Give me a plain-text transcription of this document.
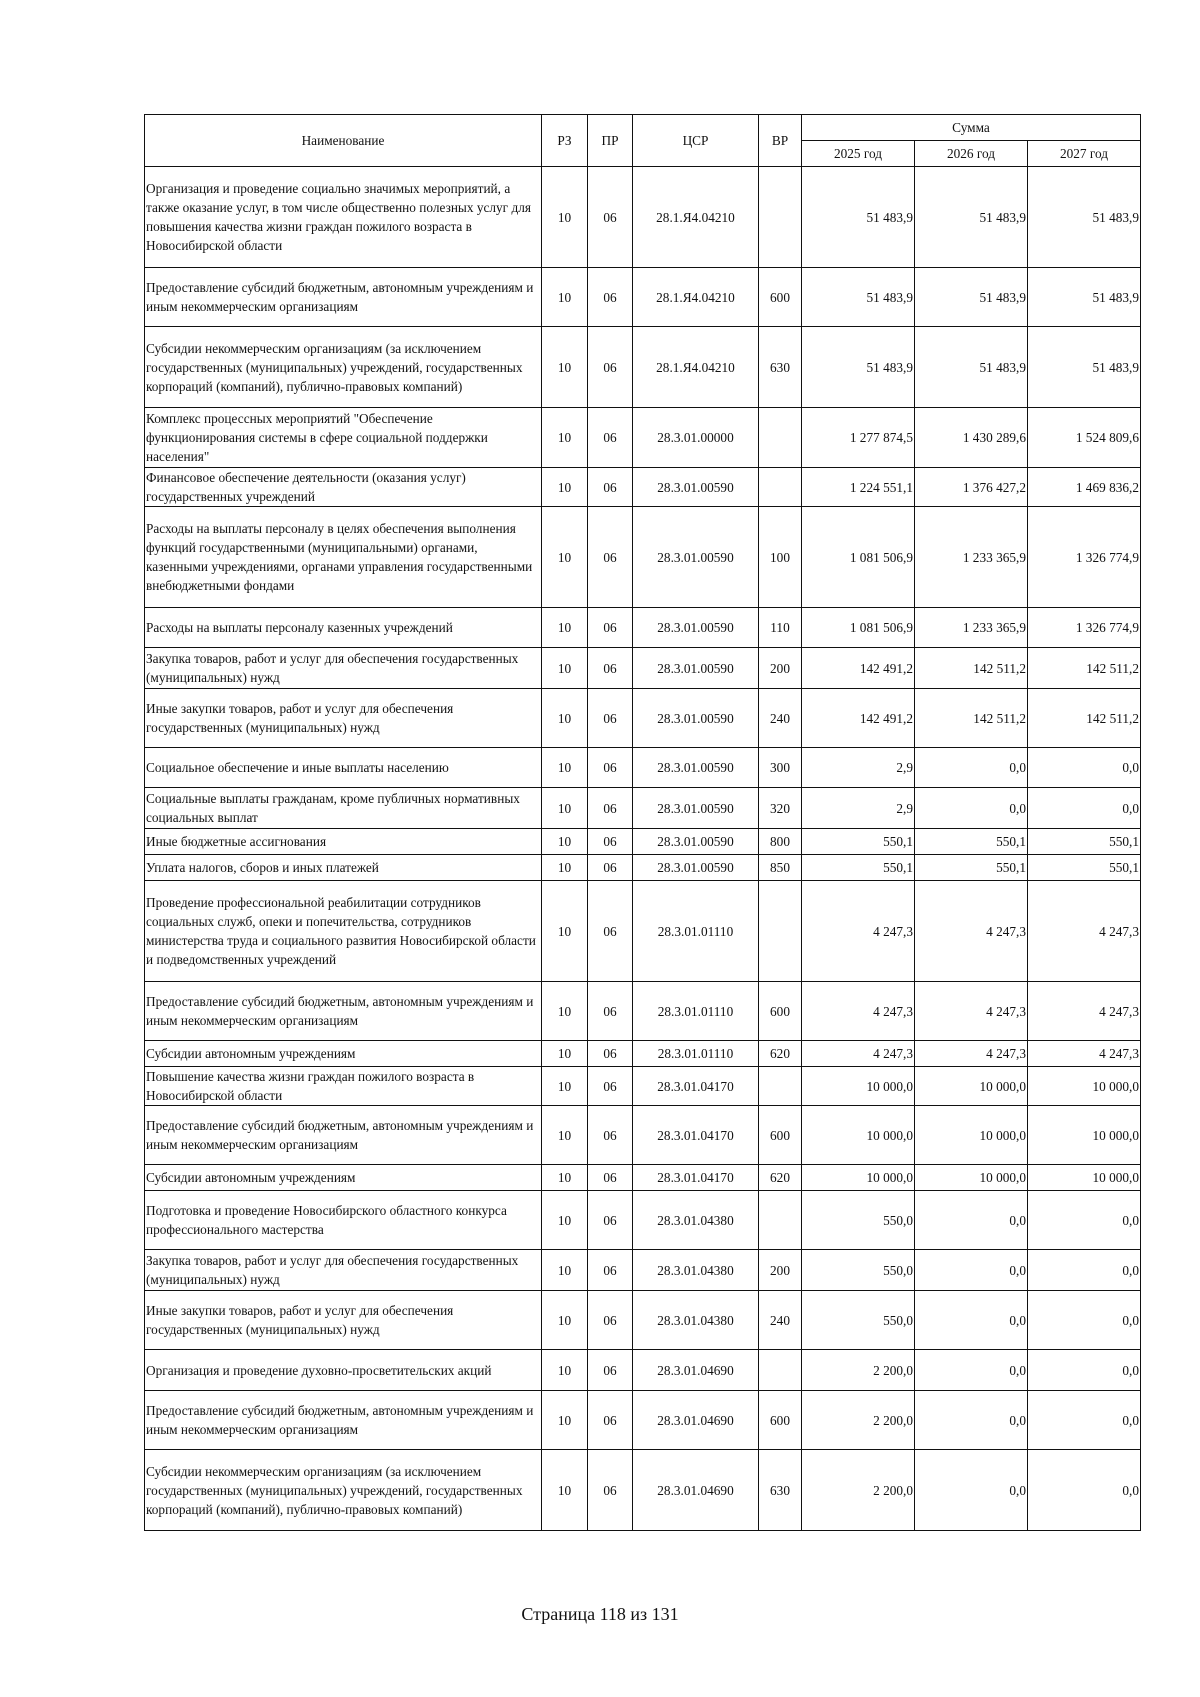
Наименование	РЗ	ПР	ЦСР	ВР	Сумма		
					2025 год	2026 год	2027 год
Организация и проведение социально значимых мероприятий, а также оказание услуг, в том числе общественно полезных услуг для повышения качества жизни граждан пожилого возраста в Новосибирской области	10	06	28.1.Я4.04210		51 483,9	51 483,9	51 483,9
Предоставление субсидий бюджетным, автономным учреждениям и иным некоммерческим организациям	10	06	28.1.Я4.04210	600	51 483,9	51 483,9	51 483,9
Субсидии некоммерческим организациям (за исключением государственных (муниципальных) учреждений, государственных корпораций (компаний), публично-правовых компаний)	10	06	28.1.Я4.04210	630	51 483,9	51 483,9	51 483,9
Комплекс процессных мероприятий "Обеспечение функционирования системы в сфере социальной поддержки населения"	10	06	28.3.01.00000		1 277 874,5	1 430 289,6	1 524 809,6
Финансовое обеспечение деятельности (оказания услуг) государственных учреждений	10	06	28.3.01.00590		1 224 551,1	1 376 427,2	1 469 836,2
Расходы на выплаты персоналу в целях обеспечения выполнения функций государственными (муниципальными) органами, казенными учреждениями, органами управления государственными внебюджетными фондами	10	06	28.3.01.00590	100	1 081 506,9	1 233 365,9	1 326 774,9
Расходы на выплаты персоналу казенных учреждений	10	06	28.3.01.00590	110	1 081 506,9	1 233 365,9	1 326 774,9
Закупка товаров, работ и услуг для обеспечения государственных (муниципальных) нужд	10	06	28.3.01.00590	200	142 491,2	142 511,2	142 511,2
Иные закупки товаров, работ и услуг для обеспечения государственных (муниципальных) нужд	10	06	28.3.01.00590	240	142 491,2	142 511,2	142 511,2
Социальное обеспечение и иные выплаты населению	10	06	28.3.01.00590	300	2,9	0,0	0,0
Социальные выплаты гражданам, кроме публичных нормативных социальных выплат	10	06	28.3.01.00590	320	2,9	0,0	0,0
Иные бюджетные ассигнования	10	06	28.3.01.00590	800	550,1	550,1	550,1
Уплата налогов, сборов и иных платежей	10	06	28.3.01.00590	850	550,1	550,1	550,1
Проведение профессиональной реабилитации сотрудников социальных служб, опеки и попечительства, сотрудников министерства труда и социального развития Новосибирской области и подведомственных учреждений	10	06	28.3.01.01110		4 247,3	4 247,3	4 247,3
Предоставление субсидий бюджетным, автономным учреждениям и иным некоммерческим организациям	10	06	28.3.01.01110	600	4 247,3	4 247,3	4 247,3
Субсидии автономным учреждениям	10	06	28.3.01.01110	620	4 247,3	4 247,3	4 247,3
Повышение качества жизни граждан пожилого возраста в Новосибирской области	10	06	28.3.01.04170		10 000,0	10 000,0	10 000,0
Предоставление субсидий бюджетным, автономным учреждениям и иным некоммерческим организациям	10	06	28.3.01.04170	600	10 000,0	10 000,0	10 000,0
Субсидии автономным учреждениям	10	06	28.3.01.04170	620	10 000,0	10 000,0	10 000,0
Подготовка и проведение Новосибирского областного конкурса профессионального мастерства	10	06	28.3.01.04380		550,0	0,0	0,0
Закупка товаров, работ и услуг для обеспечения государственных (муниципальных) нужд	10	06	28.3.01.04380	200	550,0	0,0	0,0
Иные закупки товаров, работ и услуг для обеспечения государственных (муниципальных) нужд	10	06	28.3.01.04380	240	550,0	0,0	0,0
Организация и проведение духовно-просветительских акций	10	06	28.3.01.04690		2 200,0	0,0	0,0
Предоставление субсидий бюджетным, автономным учреждениям и иным некоммерческим организациям	10	06	28.3.01.04690	600	2 200,0	0,0	0,0
Субсидии некоммерческим организациям (за исключением государственных (муниципальных) учреждений, государственных корпораций (компаний), публично-правовых компаний)	10	06	28.3.01.04690	630	2 200,0	0,0	0,0
Страница 118 из 131
